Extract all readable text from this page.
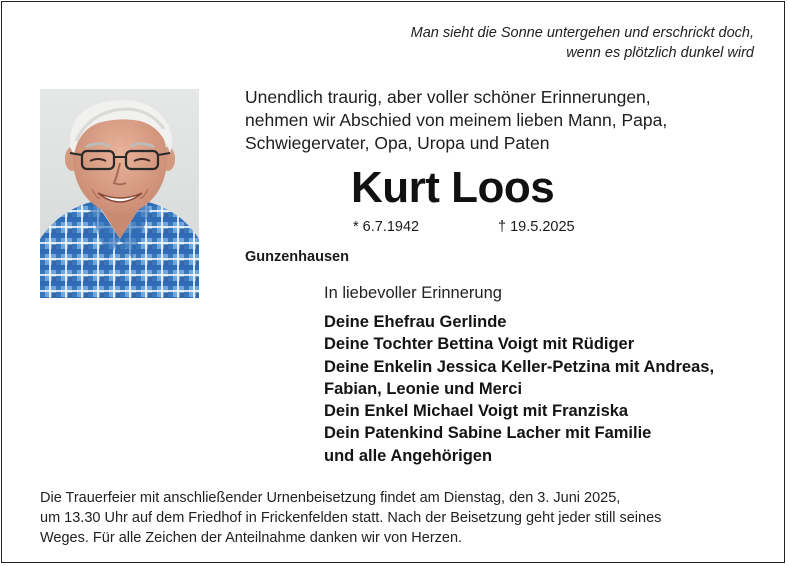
Man sieht die Sonne untergehen und erschrickt doch,
wenn es plötzlich dunkel wird
Unendlich traurig, aber voller schöner Erinnerungen,
nehmen wir Abschied von meinem lieben Mann, Papa,
Schwiegervater, Opa, Uropa und Paten
Kurt Loos
* 6.7.1942	† 19.5.2025
Gunzenhausen
In liebevoller Erinnerung
Deine Ehefrau Gerlinde
Deine Tochter Bettina Voigt mit Rüdiger
Deine Enkelin Jessica Keller-Petzina mit Andreas,
Fabian, Leonie und Merci
Dein Enkel Michael Voigt mit Franziska
Dein Patenkind Sabine Lacher mit Familie
und alle Angehörigen
Die Trauerfeier mit anschließender Urnenbeisetzung findet am Dienstag, den 3. Juni 2025,
um 13.30 Uhr auf dem Friedhof in Frickenfelden statt. Nach der Beisetzung geht jeder still seines
Weges. Für alle Zeichen der Anteilnahme danken wir von Herzen.
